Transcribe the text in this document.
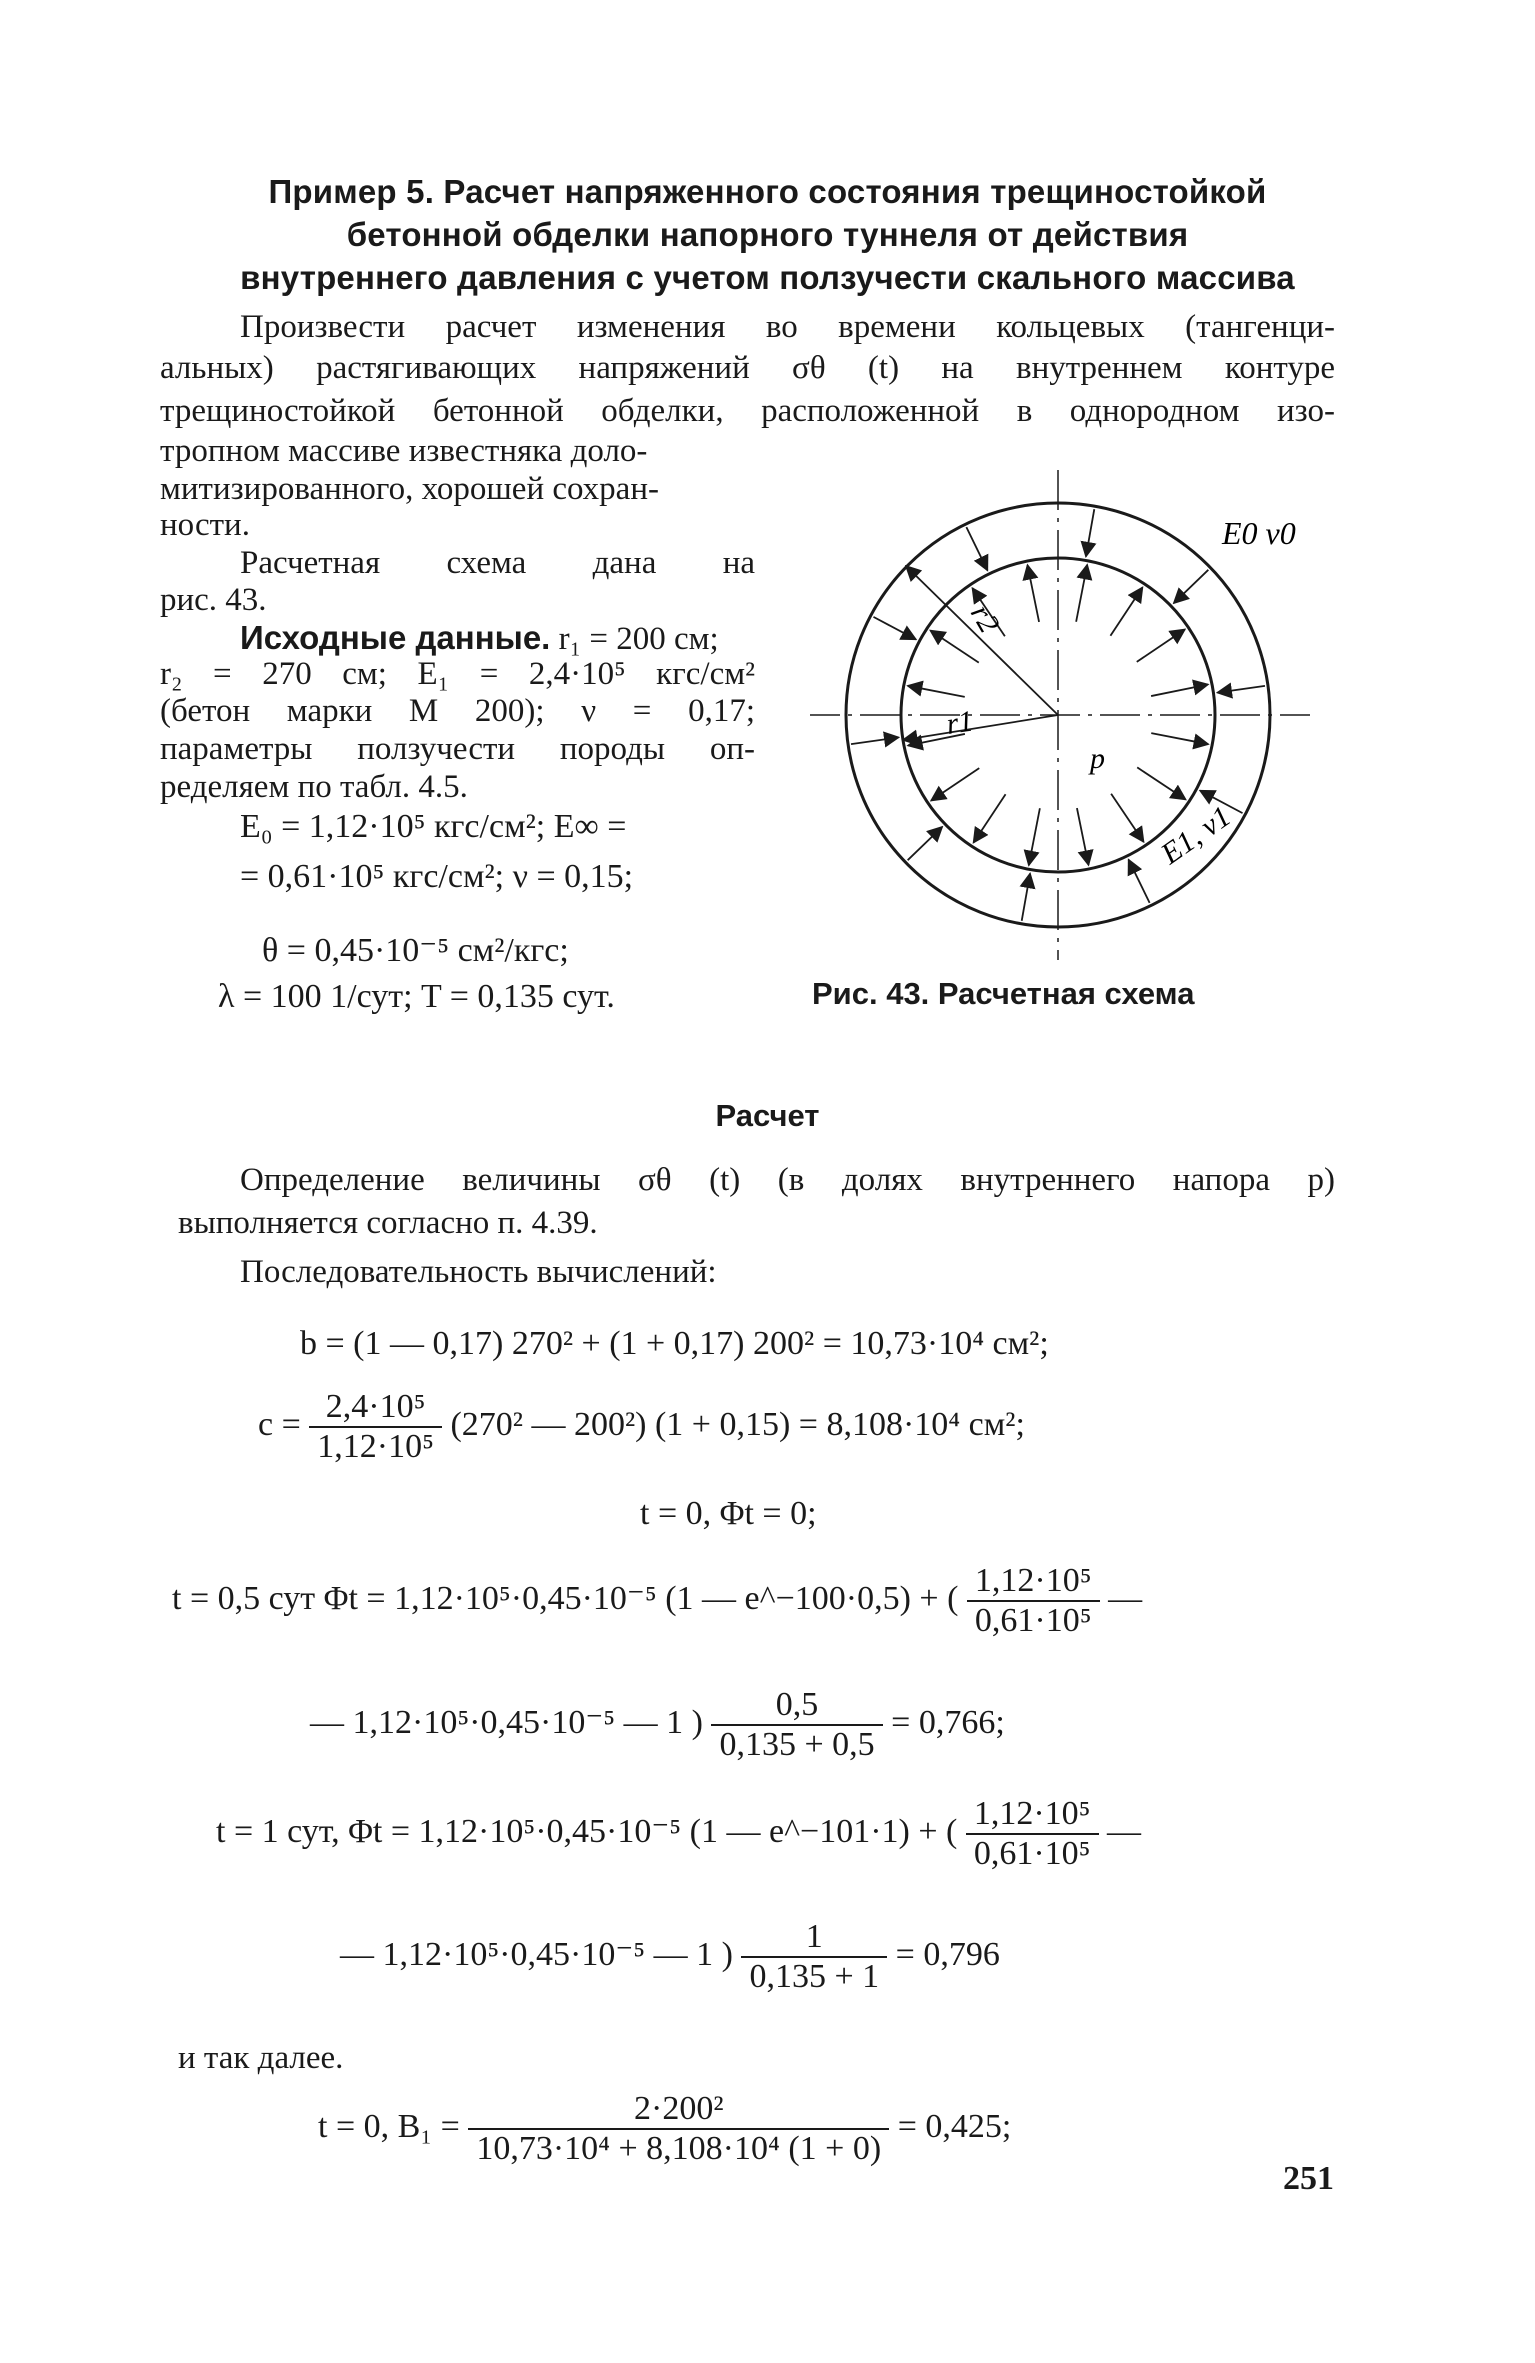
Пример 5. Расчет напряженного состояния трещиностойкой
бетонной обделки напорного туннеля от действия
внутреннего давления с учетом ползучести скального массива
Произвести расчет изменения во времени кольцевых (тангенци-
альных) растягивающих напряжений σθ (t) на внутреннем контуре
трещиностойкой бетонной обделки, расположенной в однородном изо-
тропном массиве известняка доло-
митизированного, хорошей сохран-
ности.
Расчетная схема дана на
рис. 43.
Исходные данные. r₁ = 200 см;
r₂ = 270 см; E₁ = 2,4·10⁵ кгс/см²
(бетон марки М 200); ν = 0,17;
параметры ползучести породы оп-
ределяем по табл. 4.5.
E₀ = 1,12·10⁵ кгс/см²; E∞ =
= 0,61·10⁵ кгс/см²; ν = 0,15;
θ = 0,45·10⁻⁵ см²/кгс;
λ = 100 1/сут; T = 0,135 сут.
r2
r1
p
E0 ν0
E1, ν1
Рис. 43. Расчетная схема
Расчет
Определение величины σθ (t) (в долях внутреннего напора p)
выполняется согласно п. 4.39.
Последовательность вычислений:
b = (1 — 0,17) 270² + (1 + 0,17) 200² = 10,73·10⁴ см²;
$c = \frac{\text{2,4·10⁵}}{\text{1,12·10⁵}} (270^2$ — 200²) (1 + 0,15) = 8,108·10⁴ см²;
t = 0, Φt = 0;
t = 0,5 сут Φt = 1,12·10⁵·0,45·10⁻⁵ (1 — e^−100·0,5) + ( $\frac{\text{1,12·10⁵}}{\text{0,61·10⁵}}$ —
— 1,12·10⁵·0,45·10⁻⁵ — 1 ) $\frac{0,5}{0,135 + 0,5} = 0,766$;
t = 1 сут, Φt = 1,12·10⁵·0,45·10⁻⁵ (1 — e^−101·1) + ( $\frac{\text{1,12·10⁵}}{\text{0,61·10⁵}}$ —
— 1,12·10⁵·0,45·10⁻⁵ — 1 ) $\frac{1}{0,135 + 1} = 0,796$
и так далее.
t = 0, $B_1 = \frac{\text{2·200²}}{\text{10,73·10⁴ + 8,108·10⁴ (1 + 0)}} = 0,425$;
251
